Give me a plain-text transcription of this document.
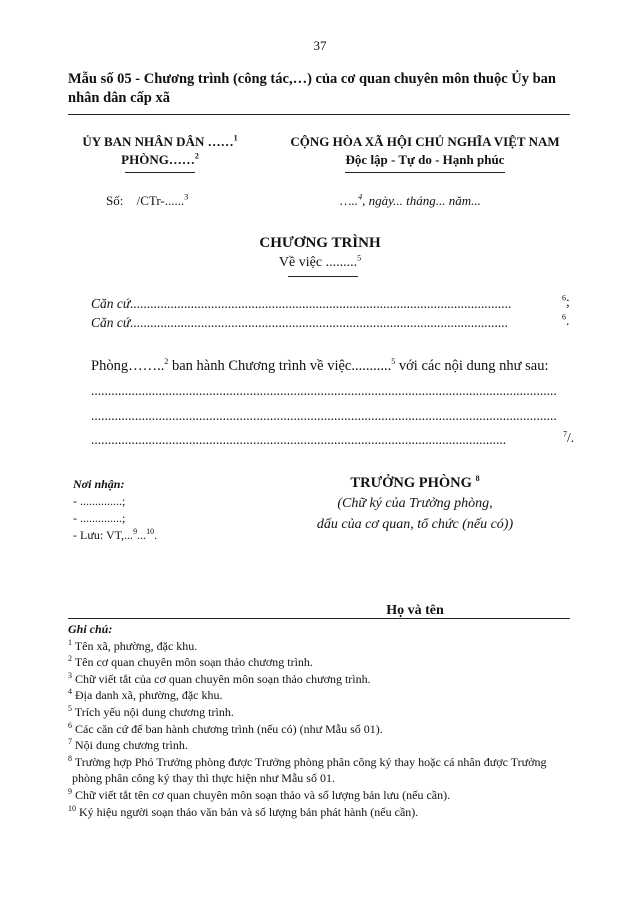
37
Mẫu số 05 - Chương trình (công tác,…) của cơ quan chuyên môn thuộc Ủy ban
nhân dân cấp xã
ỦY BAN NHÂN DÂN ……$^1$
PHÒNG……$^2$
CỘNG HÒA XÃ HỘI CHỦ NGHĨA VIỆT NAM
Độc lập - Tự do - Hạnh phúc
Số: /CTr-......$^3$	…..$^4$, ngày... tháng... năm...
CHƯƠNG TRÌNH
Về việc .........$^5$
Căn cứ.................................................................................................................	$^6$;
Căn cứ................................................................................................................	$^6$.
Phòng……..$^2$ ban hành Chương trình về việc...........$^5$ với các nội dung như sau:
..........................................................................................................................................
..........................................................................................................................................
...........................................................................................................................	$^7$/.
Nơi nhận:
- ..............;
- ..............;
- Lưu: VT,...$^9$...$^{10}$.
TRƯỞNG PHÒNG $^8$
(Chữ ký của Trưởng phòng,
dấu của cơ quan, tổ chức (nếu có))
Họ và tên
Ghi chú:
$^1$ Tên xã, phường, đặc khu.
$^2$ Tên cơ quan chuyên môn soạn thảo chương trình.
$^3$ Chữ viết tắt của cơ quan chuyên môn soạn thảo chương trình.
$^4$ Địa danh xã, phường, đặc khu.
$^5$ Trích yếu nội dung chương trình.
$^6$ Các căn cứ để ban hành chương trình (nếu có) (như Mẫu số 01).
$^7$ Nội dung chương trình.
$^8$ Trường hợp Phó Trưởng phòng được Trưởng phòng phân công ký thay hoặc cá nhân được Trưởng
phòng phân công ký thay thì thực hiện như Mẫu số 01.
$^9$ Chữ viết tắt tên cơ quan chuyên môn soạn thảo và số lượng bản lưu (nếu cần).
$^{10}$ Ký hiệu người soạn thảo văn bản và số lượng bản phát hành (nếu cần).
